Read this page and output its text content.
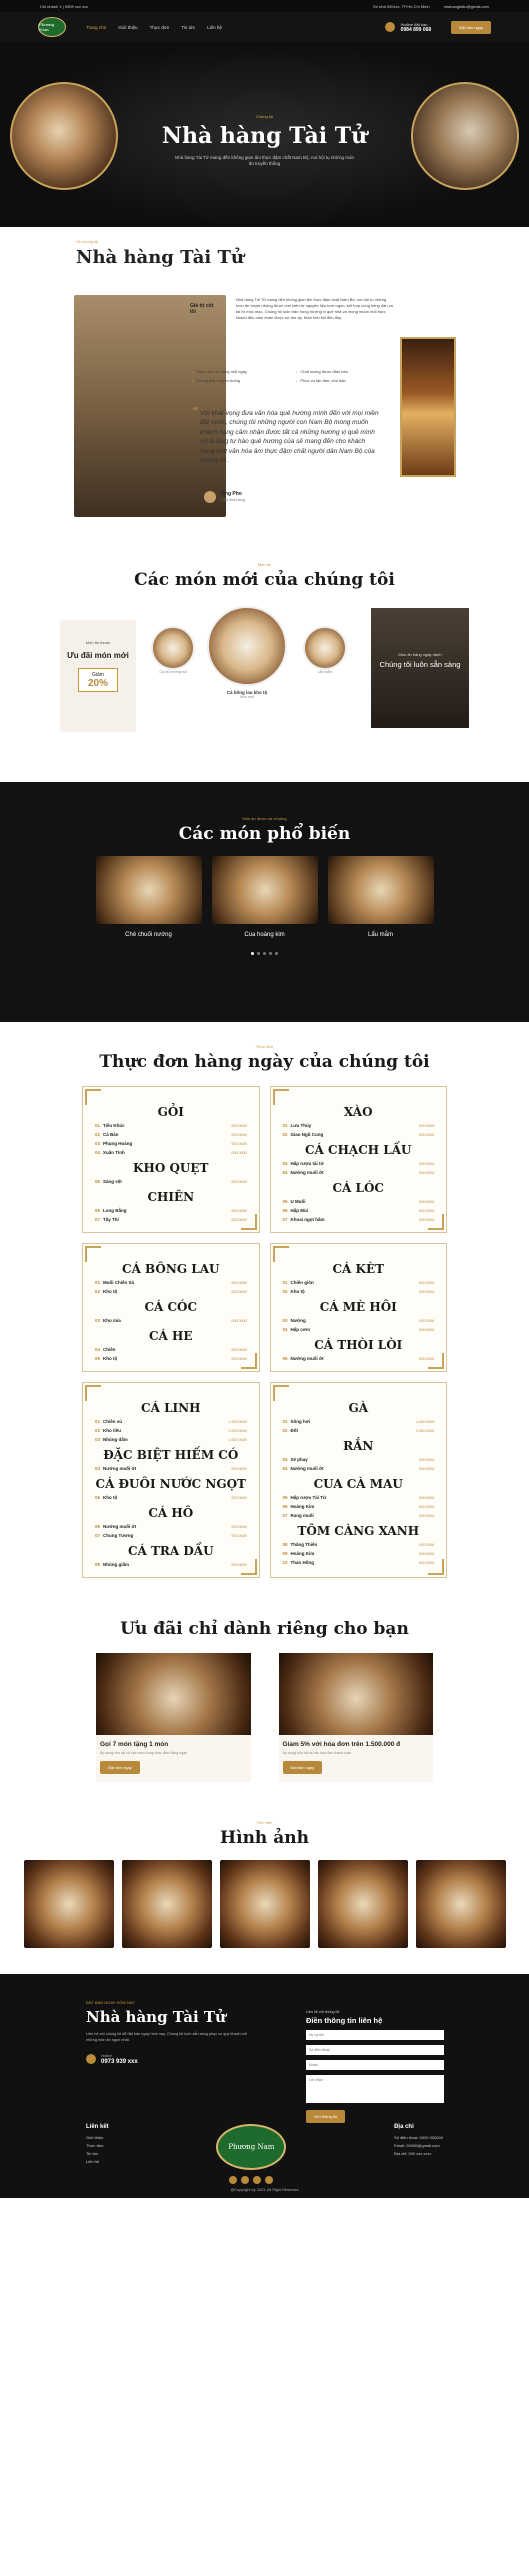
Chi nhánh 1 | 0909 xxx xxx	Số nhà 000xxx, TP.Hồ Chí Minh	nhahangtaitu@gmail.com
Phương Nam	Trang chủ	Giới thiệu	Thực đơn	Tin tức	Liên hệ
Hotline đặt bàn
0984 899 068	Đặt bàn ngay
Chúng tôi
Nhà hàng Tài Tử

Nhà hàng Tài Tử mang đến không gian ẩm thực đậm chất Nam Bộ, nơi hội tụ những món ăn truyền thống

Về chúng tôi
Nhà hàng Tài Tử
Giá trị cốt lõi
Nhà hàng Tài Tử mang đến không gian ẩm thực đậm chất Nam Bộ, nơi hội tụ những món ăn truyền thống được chế biến từ nguyên liệu tươi ngon, kết hợp cùng tiếng đàn ca tài tử mộc mạc. Chúng tôi luôn trân trọng hương vị quê nhà và mong muốn mỗi thực khách đều cảm nhận được sự ấm áp, thân tình khi đến đây.
• Thực đơn đa dạng mỗi ngày	• Chất lượng được đảm bảo
• Không gian truyền thống	• Phục vụ tận tâm, chu đáo
“ Với khát vọng đưa văn hóa quê hương mình đến với mọi miền đất nước, chúng tôi những người con Nam Bộ mong muốn khách hàng cảm nhận được tất cả những hương vị quê mình xứ là lòng tự hào quê hương của sẽ mang đến cho khách hàng một văn hóa âm thực đậm chất người dân Nam Bộ của chúng tôi.
Ông Pho
Chủ nhà hàng
Món ăn
Các món mới của chúng tôi
Món ăn thuần
Ưu đãi món mới
Giảm
20%
Cá lóc nướng trui
Cá bông lau kho tộ
Món mới
Lẩu mắm
Món ăn hàng ngày dành
Chúng tôi luôn sẵn sàng
Món ăn được ưa chuộng
Các món phổ biến
Chè chuối nướng	Cua hoàng kim	Lẩu mắm
Thực đơn
Thực đơn hàng ngày của chúng tôi
GỎI
01 Tiểu Khúc	000.000đ
02 Cả Bàn	000.000đ
03 Phụng Hoàng	000.000đ
04 Xuân Tình	000.000đ
KHO QUẸT
05 Sáng sệt	000.000đ
CHIÊN
06 Long Bằng	000.000đ
07 Tây Thi	000.000đ
XÀO
01 Lưu Thủy	000.000đ
02 Giao Ngũ Cung	000.000đ
CÁ CHẠCH LẤU
03 Hấp rượu tài tử	000.000đ
04 Nướng muối ớt	000.000đ
CÁ LÓC
05 U Muối	000.000đ
06 Hấp Mùi	000.000đ
07 Khoai ngọt hầm	000.000đ
CÁ BÔNG LAU
01 Muối Chiên Sả	000.000đ
02 Kho tộ	000.000đ
CÁ CÓC
03 Kho mía	000.000đ
CÁ HE
04 Chiên	000.000đ
05 Kho tộ	000.000đ
CÁ KÈT
01 Chiên giòn	000.000đ
02 Kho tộ	000.000đ
CÁ MÈ HÔI
03 Nướng	000.000đ
04 Hấp cơm	000.000đ
CÁ THÒI LÒI
05 Nướng muối ớt	000.000đ
CÁ LINH
01 Chiên xù	1.000.000đ
02 Kho tiêu	1.000.000đ
03 Nhúng dấm	1.000.000đ
ĐẶC BIỆT HIẾM CÓ
04 Nướng muối ớt	000.000đ
CÁ ĐUÔI NƯỚC NGỌT
05 Kho tộ	000.000đ
CÁ HÔ
06 Nướng muối ớt	000.000đ
07 Chung Tương	000.000đ
CÁ TRA DẦU
08 Nhúng giấm	000.000đ
GÀ
01 Xông hơi	1.000.000đ
02 Đốt	1.000.000đ
RẮN
03 Xé phay	000.000đ
04 Nướng muối ớt	000.000đ
CUA CÀ MAU
05 Hấp rượu Tài Tử	000.000đ
06 Hoàng Kim	000.000đ
07 Rang muối	000.000đ
TÔM CÀNG XANH
08 Thăng Thiên	000.000đ
09 Hoàng Kim	000.000đ
10 Than Hồng	000.000đ
Ưu đãi chỉ dành riêng cho bạn
Gọi 7 món tặng 1 món
Áp dụng cho tất cả các món trong thực đơn hằng ngày
Đặt bàn ngay
Giảm 5% với hóa đơn trên 1.500.000 đ
Áp dụng cho tất cả các hóa đơn thanh toán
Đặt bàn ngay
Thư viện
Hình ảnh
ĐẶT BÀN NGAY HÔM NAY
Nhà hàng Tài Tử

Liên hệ với chúng tôi để đặt bàn ngay hôm nay. Chúng tôi luôn sẵn sàng phục vụ quý khách với những món ăn ngon nhất.

Hotline
0973 939 xxx
Liên hệ với chúng tôi
Điền thông tin liên hệ
Họ và tên Số điện thoại Email Lời nhắn Gửi thông tin
Liên kết
Giới thiệu
Thực đơn
Tin tức
Liên hệ
Phương Nam
Địa chỉ
Số điện thoại: 0000 000000
Email: 00000@gmail.com
Địa chỉ: 000 xxx xxxx
@Copyright by 2023, All Right Reserved
